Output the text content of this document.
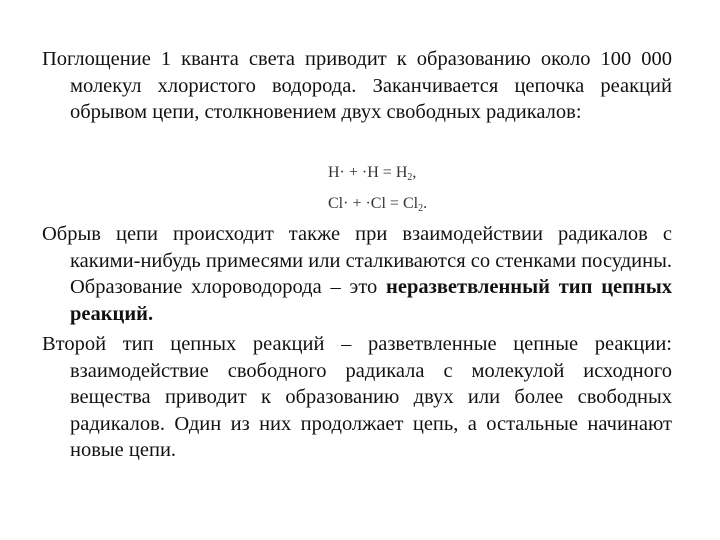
Поглощение 1 кванта света приводит к образованию около 100 000 молекул хлористого водорода. Заканчивается цепочка реакций обрывом цепи, столкновением двух свободных радикалов:

$H\cdot + \cdot H = H_2$,
$Cl\cdot + \cdot Cl = Cl_2$.

Обрыв цепи происходит также при взаимодействии радикалов с какими-нибудь примесями или сталкиваются со стенками посудины. Образование хлороводорода – это неразветвленный тип цепных реакций.

Второй тип цепных реакций – разветвленные цепные реакции: взаимодействие свободного радикала с молекулой исходного вещества приводит к образованию двух или более свободных радикалов. Один из них продолжает цепь, а остальные начинают новые цепи.
